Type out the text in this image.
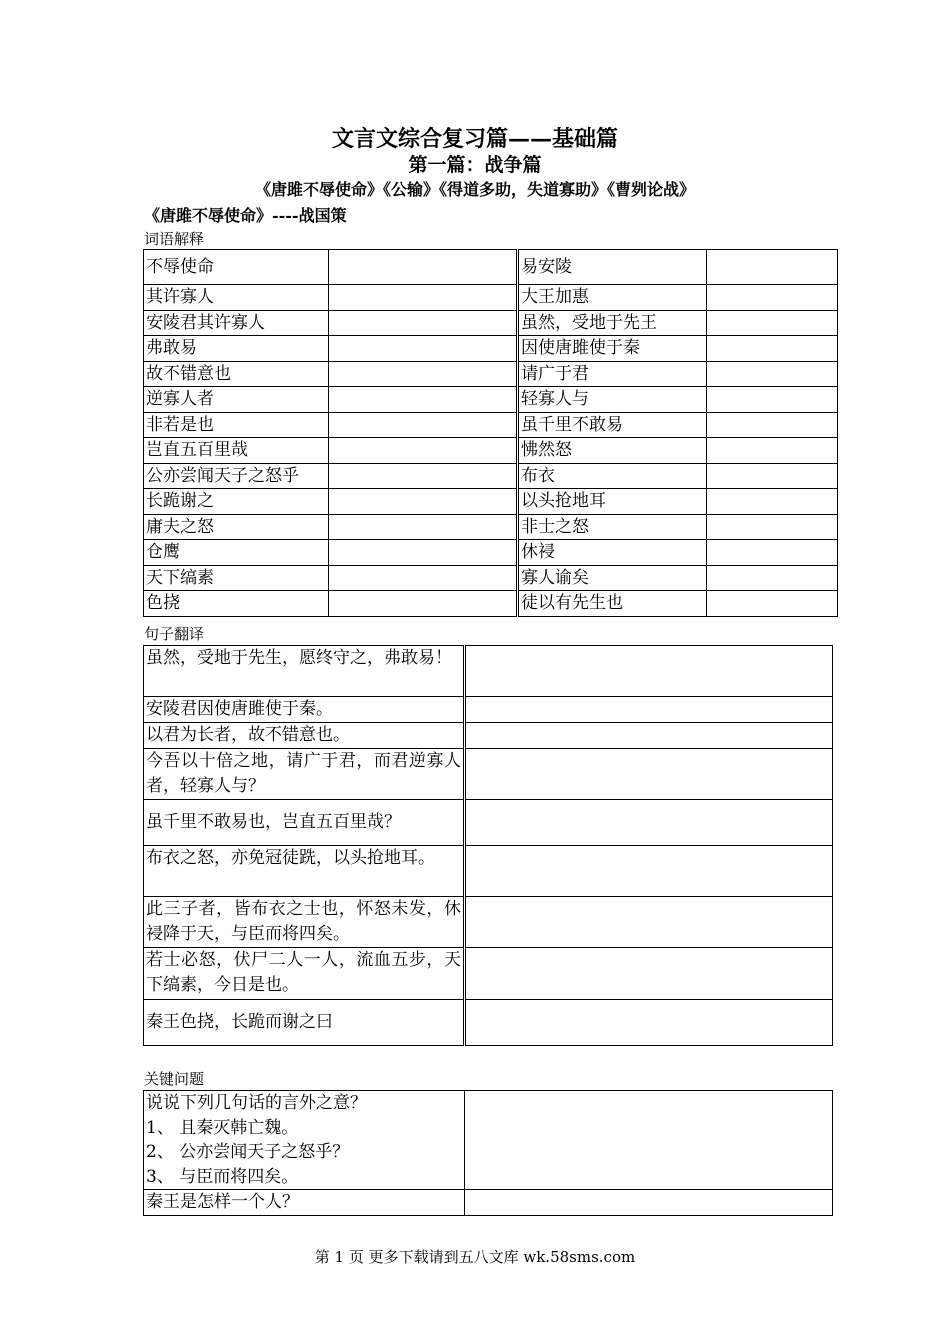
文言文综合复习篇——基础篇
第一篇：战争篇
《唐雎不辱使命》《公输》《得道多助，失道寡助》《曹刿论战》
《唐雎不辱使命》----战国策
词语解释
不辱使命		易安陵	
其许寡人		大王加惠	
安陵君其许寡人		虽然，受地于先王	
弗敢易		因使唐雎使于秦	
故不错意也		请广于君	
逆寡人者		轻寡人与	
非若是也		虽千里不敢易	
岂直五百里哉		怫然怒	
公亦尝闻天子之怒乎		布衣	
长跪谢之		以头抢地耳	
庸夫之怒		非士之怒	
仓鹰		休祲	
天下缟素		寡人谕矣	
色挠		徒以有先生也	
句子翻译
虽然，受地于先生，愿终守之，弗敢易！	
安陵君因使唐雎使于秦。	
以君为长者，故不错意也。	
今吾以十倍之地，请广于君，而君逆寡人者，轻寡人与？	
虽千里不敢易也，岂直五百里哉？	
布衣之怒，亦免冠徒跣，以头抢地耳。	
此三子者，皆布衣之士也，怀怒未发，休祲降于天，与臣而将四矣。	
若士必怒，伏尸二人一人，流血五步，天下缟素，今日是也。	
秦王色挠，长跪而谢之曰	
关键问题
说说下列几句话的言外之意？
1、 且秦灭韩亡魏。
2、 公亦尝闻天子之怒乎？
3、 与臣而将四矣。	

秦王是怎样一个人？	
第 1 页 更多下载请到五八文库 wk.58sms.com
